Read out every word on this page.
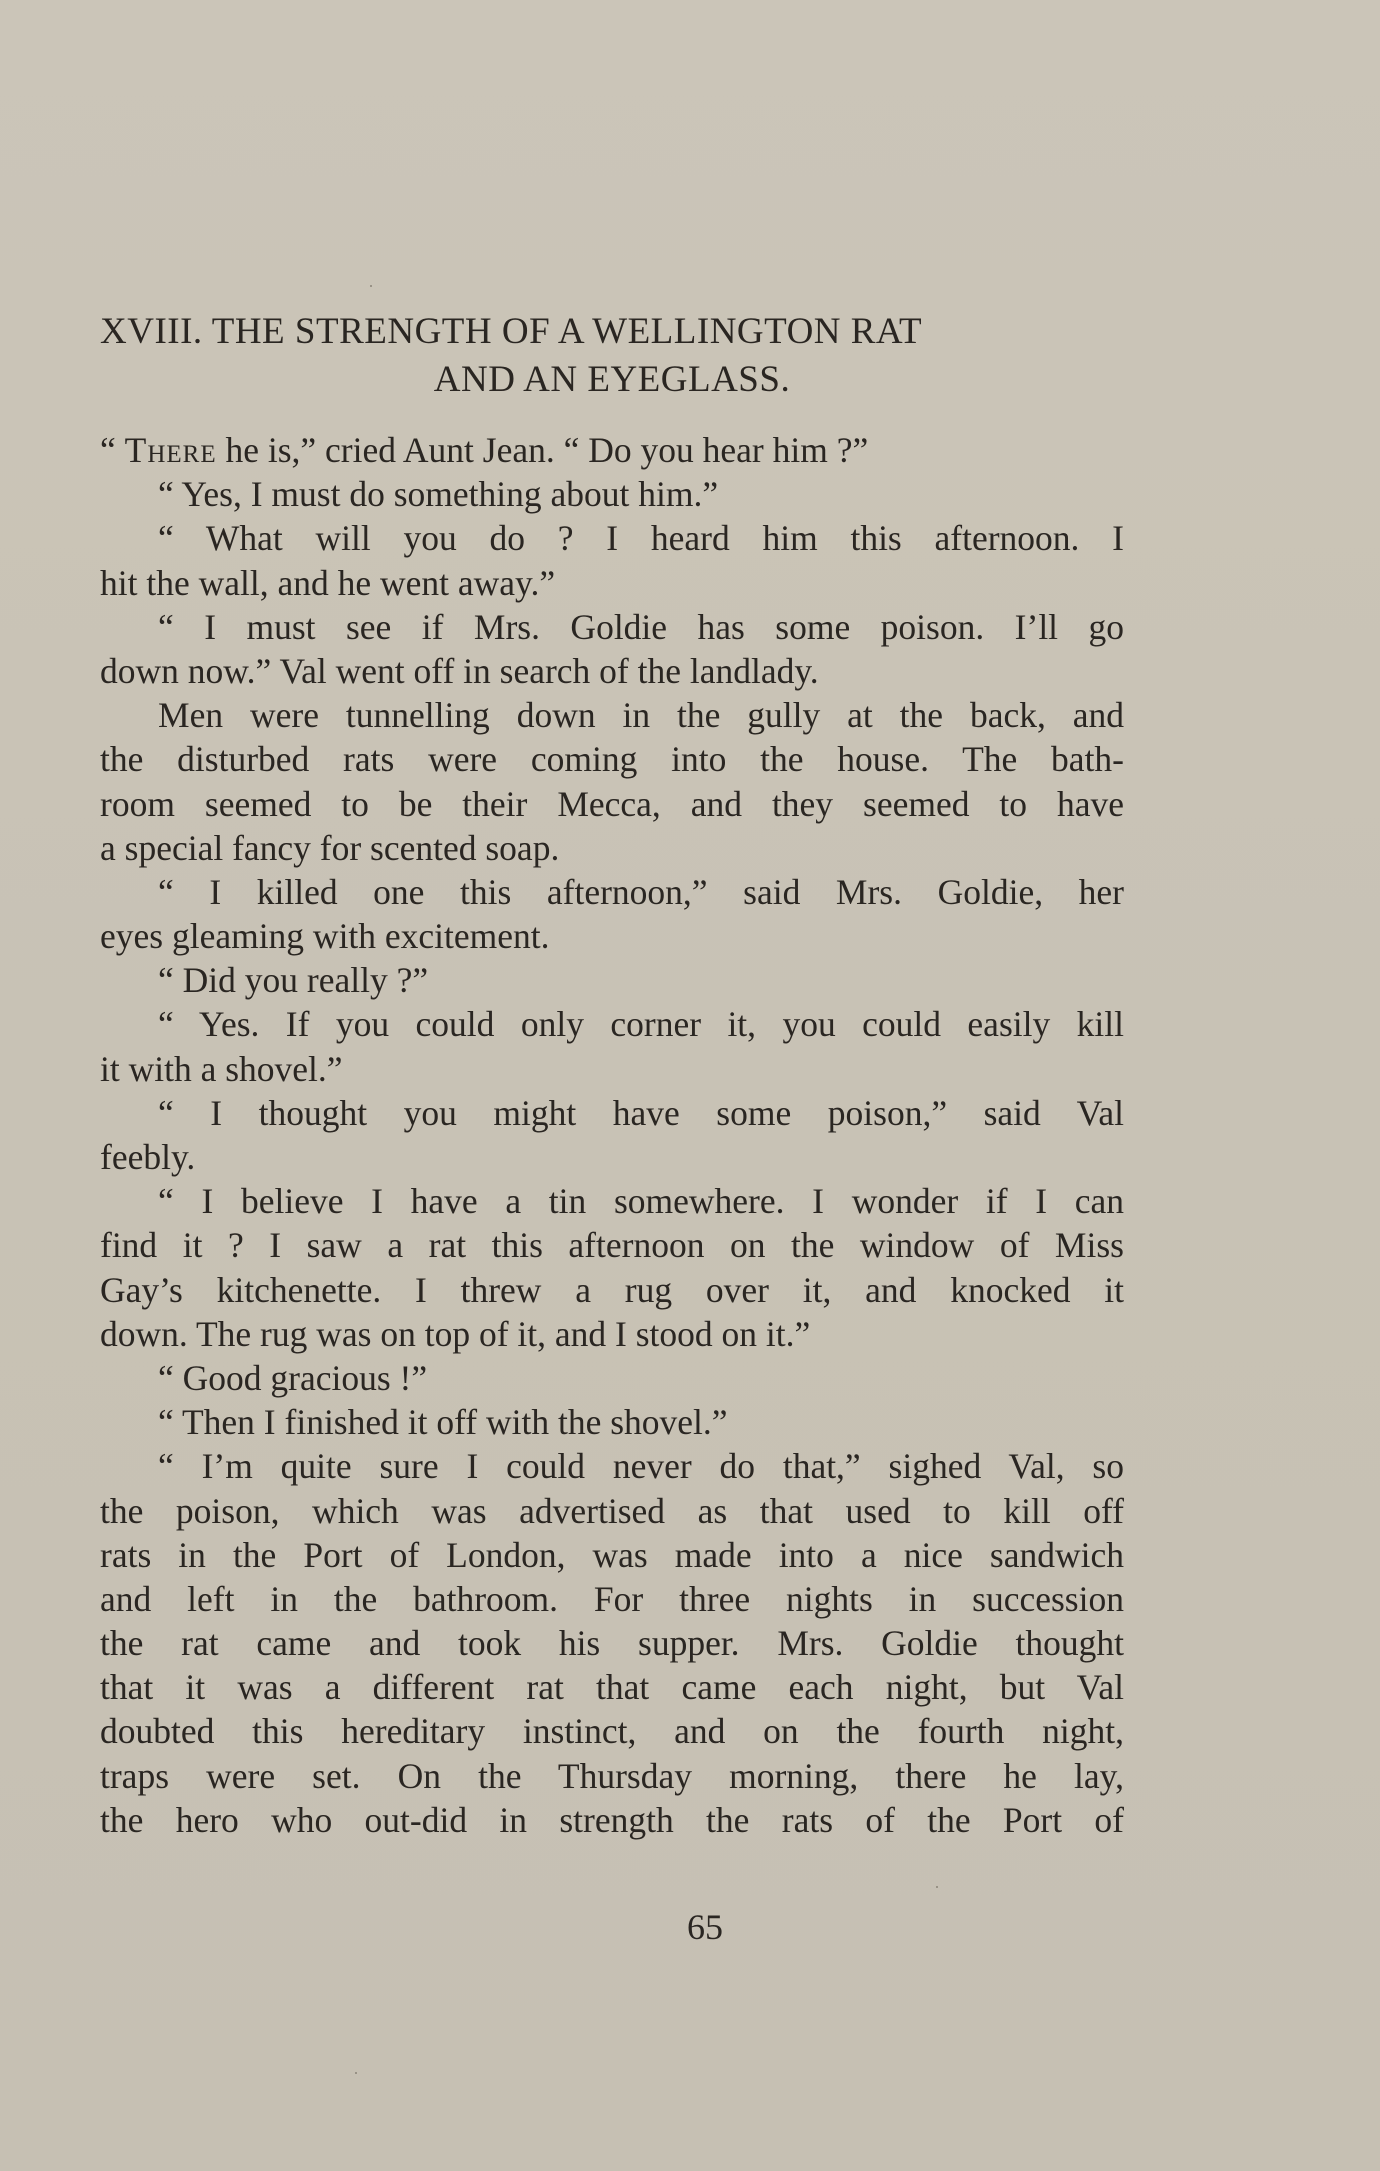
XVIII. THE STRENGTH OF A WELLINGTON RAT
AND AN EYEGLASS.
“ There he is,” cried Aunt Jean. “ Do you hear him ?”
“ Yes, I must do something about him.”
“ What will you do ? I heard him this afternoon. I
hit the wall, and he went away.”
“ I must see if Mrs. Goldie has some poison. I’ll go
down now.” Val went off in search of the landlady.
Men were tunnelling down in the gully at the back, and
the disturbed rats were coming into the house. The bath-
room seemed to be their Mecca, and they seemed to have
a special fancy for scented soap.
“ I killed one this afternoon,” said Mrs. Goldie, her
eyes gleaming with excitement.
“ Did you really ?”
“ Yes. If you could only corner it, you could easily kill
it with a shovel.”
“ I thought you might have some poison,” said Val
feebly.
“ I believe I have a tin somewhere. I wonder if I can
find it ? I saw a rat this afternoon on the window of Miss
Gay’s kitchenette. I threw a rug over it, and knocked it
down. The rug was on top of it, and I stood on it.”
“ Good gracious !”
“ Then I finished it off with the shovel.”
“ I’m quite sure I could never do that,” sighed Val, so
the poison, which was advertised as that used to kill off
rats in the Port of London, was made into a nice sandwich
and left in the bathroom. For three nights in succession
the rat came and took his supper. Mrs. Goldie thought
that it was a different rat that came each night, but Val
doubted this hereditary instinct, and on the fourth night,
traps were set. On the Thursday morning, there he lay,
the hero who out-did in strength the rats of the Port of
65
